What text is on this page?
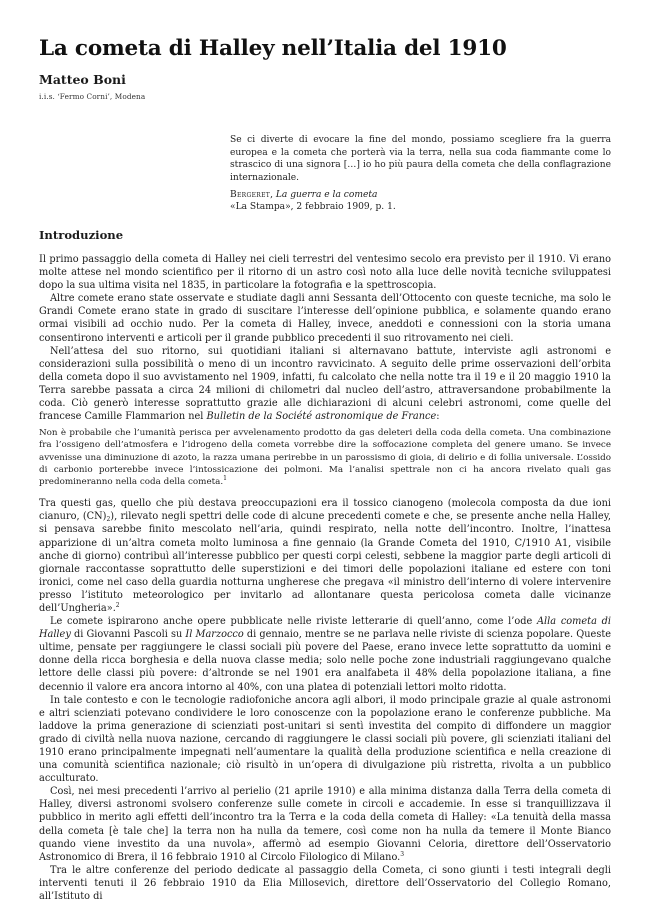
La cometa di Halley nell’Italia del 1910
Matteo Boni
i.i.s. ‘Fermo Corni’, Modena

Se ci diverte di evocare la fine del mondo, possiamo scegliere fra la guerra europea e la cometa che porterà via la terra, nella sua coda fiammante come lo strascico di una signora […] io ho più paura della cometa che della conflagrazione internazionale.

Bergeret, La guerra e la cometa
«La Stampa», 2 febbraio 1909, p. 1.

Introduzione

Il primo passaggio della cometa di Halley nei cieli terrestri del ventesimo secolo era previsto per il 1910. Vi erano molte attese nel mondo scientifico per il ritorno di un astro così noto alla luce delle novità tecniche sviluppatesi dopo la sua ultima visita nel 1835, in particolare la fotografia e la spettroscopia.

Altre comete erano state osservate e studiate dagli anni Sessanta dell’Ottocento con queste tecniche, ma solo le Grandi Comete erano state in grado di suscitare l’interesse dell’opinione pubblica, e solamente quando erano ormai visibili ad occhio nudo. Per la cometa di Halley, invece, aneddoti e connessioni con la storia umana consentirono interventi e articoli per il grande pubblico precedenti il suo ritrovamento nei cieli.

Nell’attesa del suo ritorno, sui quotidiani italiani si alternavano battute, interviste agli astronomi e considerazioni sulla possibilità o meno di un incontro ravvicinato. A seguito delle prime osservazioni dell’orbita della cometa dopo il suo avvistamento nel 1909, infatti, fu calcolato che nella notte tra il 19 e il 20 maggio 1910 la Terra sarebbe passata a circa 24 milioni di chilometri dal nucleo dell’astro, attraversandone probabilmente la coda. Ciò generò interesse soprattutto grazie alle dichiarazioni di alcuni celebri astronomi, come quelle del francese Camille Flammarion nel Bulletin de la Société astronomique de France:

Non è probabile che l’umanità perisca per avvelenamento prodotto da gas deleteri della coda della cometa. Una combinazione fra l’ossigeno dell’atmosfera e l’idrogeno della cometa vorrebbe dire la soffocazione completa del genere umano. Se invece avvenisse una diminuzione di azoto, la razza umana perirebbe in un parossismo di gioia, di delirio e di follia universale. L’ossido di carbonio porterebbe invece l’intossicazione dei polmoni. Ma l’analisi spettrale non ci ha ancora rivelato quali gas predomineranno nella coda della cometa.$^1$

Tra questi gas, quello che più destava preoccupazioni era il tossico cianogeno (molecola composta da due ioni cianuro, $(CN)_2$), rilevato negli spettri delle code di alcune precedenti comete e che, se presente anche nella Halley, si pensava sarebbe finito mescolato nell’aria, quindi respirato, nella notte dell’incontro. Inoltre, l’inattesa apparizione di un’altra cometa molto luminosa a fine gennaio (la Grande Cometa del 1910, C/1910 A1, visibile anche di giorno) contribuì all’interesse pubblico per questi corpi celesti, sebbene la maggior parte degli articoli di giornale raccontasse soprattutto delle superstizioni e dei timori delle popolazioni italiane ed estere con toni ironici, come nel caso della guardia notturna ungherese che pregava «il ministro dell’interno di volere intervenire presso l’istituto meteorologico per invitarlo ad allontanare questa pericolosa cometa dalle vicinanze dell’Ungheria».$^2$

Le comete ispirarono anche opere pubblicate nelle riviste letterarie di quell’anno, come l’ode Alla cometa di Halley di Giovanni Pascoli su Il Marzocco di gennaio, mentre se ne parlava nelle riviste di scienza popolare. Queste ultime, pensate per raggiungere le classi sociali più povere del Paese, erano invece lette soprattutto da uomini e donne della ricca borghesia e della nuova classe media; solo nelle poche zone industriali raggiungevano qualche lettore delle classi più povere: d’altronde se nel 1901 era analfabeta il 48% della popolazione italiana, a fine decennio il valore era ancora intorno al 40%, con una platea di potenziali lettori molto ridotta.

In tale contesto e con le tecnologie radiofoniche ancora agli albori, il modo principale grazie al quale astronomi e altri scienziati potevano condividere le loro conoscenze con la popolazione erano le conferenze pubbliche. Ma laddove la prima generazione di scienziati post-unitari si sentì investita del compito di diffondere un maggior grado di civiltà nella nuova nazione, cercando di raggiungere le classi sociali più povere, gli scienziati italiani del 1910 erano principalmente impegnati nell’aumentare la qualità della produzione scientifica e nella creazione di una comunità scientifica nazionale; ciò risultò in un’opera di divulgazione più ristretta, rivolta a un pubblico acculturato.

Così, nei mesi precedenti l’arrivo al perielio (21 aprile 1910) e alla minima distanza dalla Terra della cometa di Halley, diversi astronomi svolsero conferenze sulle comete in circoli e accademie. In esse si tranquillizzava il pubblico in merito agli effetti dell’incontro tra la Terra e la coda della cometa di Halley: «La tenuità della massa della cometa [è tale che] la terra non ha nulla da temere, così come non ha nulla da temere il Monte Bianco quando viene investito da una nuvola», affermò ad esempio Giovanni Celoria, direttore dell’Osservatorio Astronomico di Brera, il 16 febbraio 1910 al Circolo Filologico di Milano.$^3$

Tra le altre conferenze del periodo dedicate al passaggio della Cometa, ci sono giunti i testi integrali degli interventi tenuti il 26 febbraio 1910 da Elia Millosevich, direttore dell’Osservatorio del Collegio Romano, all’Istituto di
